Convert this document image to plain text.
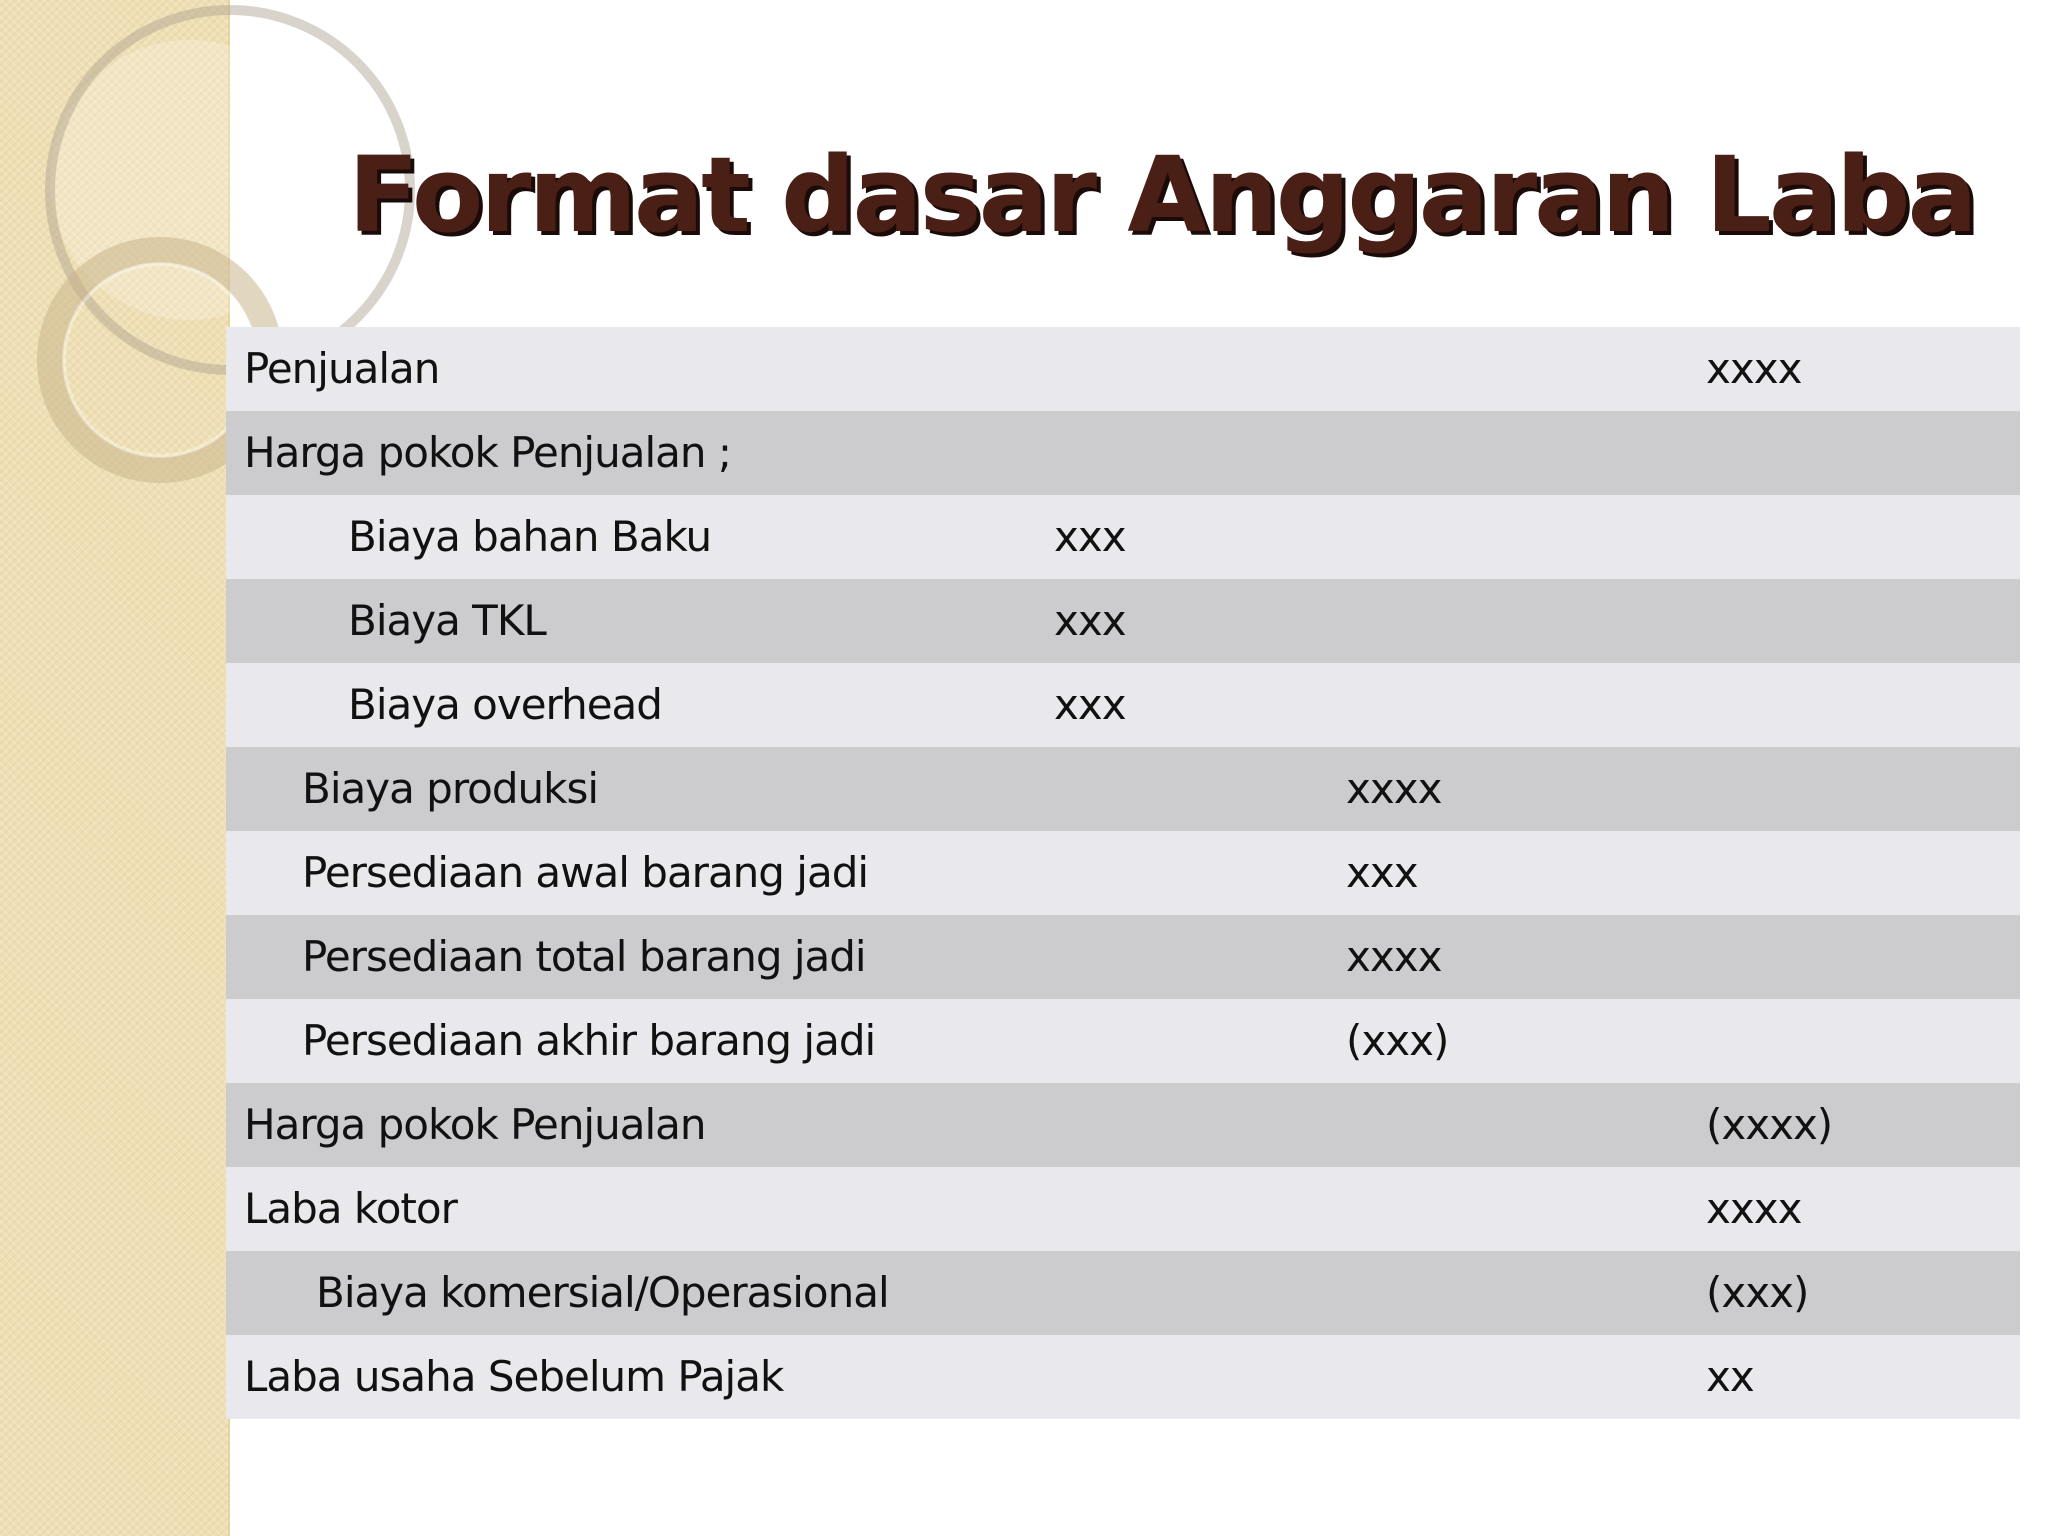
Format dasar Anggaran Laba
Penjualan	xxxx
Harga pokok Penjualan ;
Biaya bahan Baku	xxx
Biaya TKL	xxx
Biaya overhead	xxx
Biaya produksi	xxxx
Persediaan awal barang jadi	xxx
Persediaan total barang jadi	xxxx
Persediaan akhir barang jadi	(xxx)
Harga pokok Penjualan	(xxxx)
Laba kotor	xxxx
Biaya komersial/Operasional	(xxx)
Laba usaha Sebelum Pajak	xx
